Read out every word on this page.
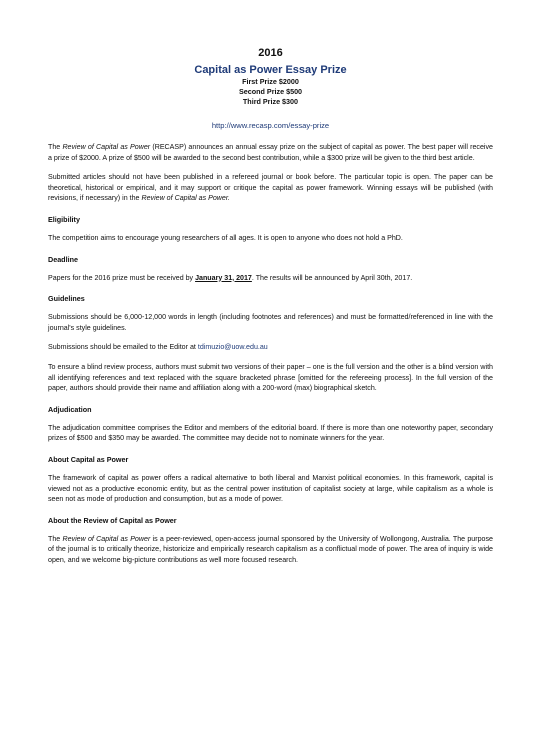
2016
Capital as Power Essay Prize
First Prize $2000
Second Prize $500
Third Prize $300
http://www.recasp.com/essay-prize

The Review of Capital as Power (RECASP) announces an annual essay prize on the subject of capital as power. The best paper will receive a prize of $2000. A prize of $500 will be awarded to the second best contribution, while a $300 prize will be given to the third best article.

Submitted articles should not have been published in a refereed journal or book before. The particular topic is open. The paper can be theoretical, historical or empirical, and it may support or critique the capital as power framework. Winning essays will be published (with revisions, if necessary) in the Review of Capital as Power.

Eligibility

The competition aims to encourage young researchers of all ages. It is open to anyone who does not hold a PhD.

Deadline

Papers for the 2016 prize must be received by January 31, 2017. The results will be announced by April 30th, 2017.

Guidelines

Submissions should be 6,000-12,000 words in length (including footnotes and references) and must be formatted/referenced in line with the journal's style guidelines.

Submissions should be emailed to the Editor at tdimuzio@uow.edu.au

To ensure a blind review process, authors must submit two versions of their paper – one is the full version and the other is a blind version with all identifying references and text replaced with the square bracketed phrase [omitted for the refereeing process]. In the full version of the paper, authors should provide their name and affiliation along with a 200-word (max) biographical sketch.

Adjudication

The adjudication committee comprises the Editor and members of the editorial board. If there is more than one noteworthy paper, secondary prizes of $500 and $350 may be awarded. The committee may decide not to nominate winners for the year.

About Capital as Power

The framework of capital as power offers a radical alternative to both liberal and Marxist political economies. In this framework, capital is viewed not as a productive economic entity, but as the central power institution of capitalist society at large, while capitalism as a whole is seen not as mode of production and consumption, but as a mode of power.

About the Review of Capital as Power

The Review of Capital as Power is a peer-reviewed, open-access journal sponsored by the University of Wollongong, Australia. The purpose of the journal is to critically theorize, historicize and empirically research capitalism as a conflictual mode of power. The area of inquiry is wide open, and we welcome big-picture contributions as well more focused research.
